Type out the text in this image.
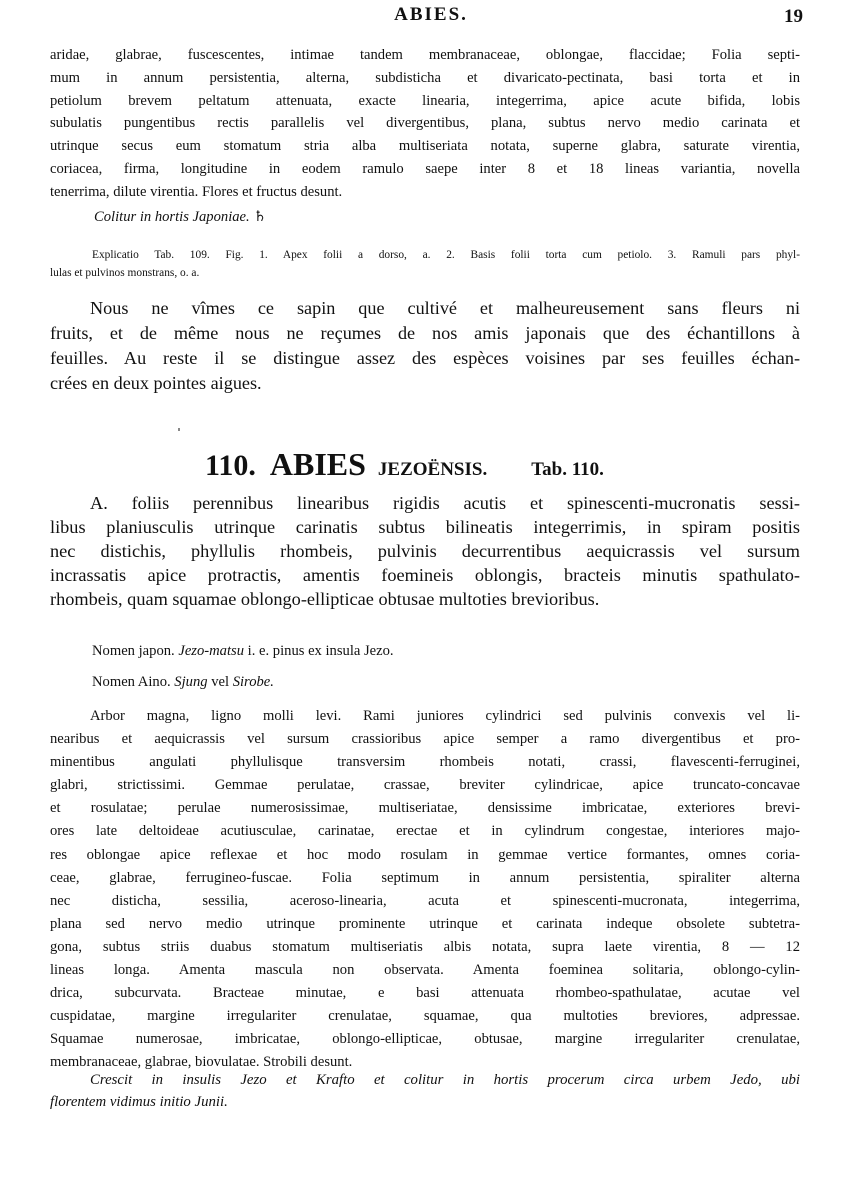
ABIES.	19
aridae, glabrae, fuscescentes, intimae tandem membranaceae, oblongae, flaccidae; Folia septi-
mum in annum persistentia, alterna, subdisticha et divaricato-pectinata, basi torta et in
petiolum brevem peltatum attenuata, exacte linearia, integerrima, apice acute bifida, lobis
subulatis pungentibus rectis parallelis vel divergentibus, plana, subtus nervo medio carinata et
utrinque secus eum stomatum stria alba multiseriata notata, superne glabra, saturate virentia,
coriacea, firma, longitudine in eodem ramulo saepe inter 8 et 18 lineas variantia, novella
tenerrima, dilute virentia. Flores et fructus desunt.
Colitur in hortis Japoniae. ♄
Explicatio Tab. 109. Fig. 1. Apex folii a dorso, a. 2. Basis folii torta cum petiolo. 3. Ramuli pars phyl-
lulas et pulvinos monstrans, o. a.
Nous ne vîmes ce sapin que cultivé et malheureusement sans fleurs ni
fruits, et de même nous ne reçumes de nos amis japonais que des échantillons à
feuilles. Au reste il se distingue assez des espèces voisines par ses feuilles échan-
crées en deux pointes aigues.
110. ABIES JEZOËNSIS. Tab. 110.
A. foliis perennibus linearibus rigidis acutis et spinescenti-mucronatis sessi-
libus planiusculis utrinque carinatis subtus bilineatis integerrimis, in spiram positis
nec distichis, phyllulis rhombeis, pulvinis decurrentibus aequicrassis vel sursum
incrassatis apice protractis, amentis foemineis oblongis, bracteis minutis spathulato-
rhombeis, quam squamae oblongo-ellipticae obtusae multoties brevioribus.
Nomen japon. Jezo-matsu i. e. pinus ex insula Jezo.
Nomen Aino. Sjung vel Sirobe.
Arbor magna, ligno molli levi. Rami juniores cylindrici sed pulvinis convexis vel li-
nearibus et aequicrassis vel sursum crassioribus apice semper a ramo divergentibus et pro-
minentibus angulati phyllulisque transversim rhombeis notati, crassi, flavescenti-ferruginei,
glabri, strictissimi. Gemmae perulatae, crassae, breviter cylindricae, apice truncato-concavae
et rosulatae; perulae numerosissimae, multiseriatae, densissime imbricatae, exteriores brevi-
ores late deltoideae acutiusculae, carinatae, erectae et in cylindrum congestae, interiores majo-
res oblongae apice reflexae et hoc modo rosulam in gemmae vertice formantes, omnes coria-
ceae, glabrae, ferrugineo-fuscae. Folia septimum in annum persistentia, spiraliter alterna
nec disticha, sessilia, aceroso-linearia, acuta et spinescenti-mucronata, integerrima,
plana sed nervo medio utrinque prominente utrinque et carinata indeque obsolete subtetra-
gona, subtus striis duabus stomatum multiseriatis albis notata, supra laete virentia, 8 — 12
lineas longa. Amenta mascula non observata. Amenta foeminea solitaria, oblongo-cylin-
drica, subcurvata. Bracteae minutae, e basi attenuata rhombeo-spathulatae, acutae vel
cuspidatae, margine irregulariter crenulatae, squamae, qua multoties breviores, adpressae.
Squamae numerosae, imbricatae, oblongo-ellipticae, obtusae, margine irregulariter crenulatae,
membranaceae, glabrae, biovulatae. Strobili desunt.
Crescit in insulis Jezo et Krafto et colitur in hortis procerum circa urbem Jedo, ubi
florentem vidimus initio Junii.
